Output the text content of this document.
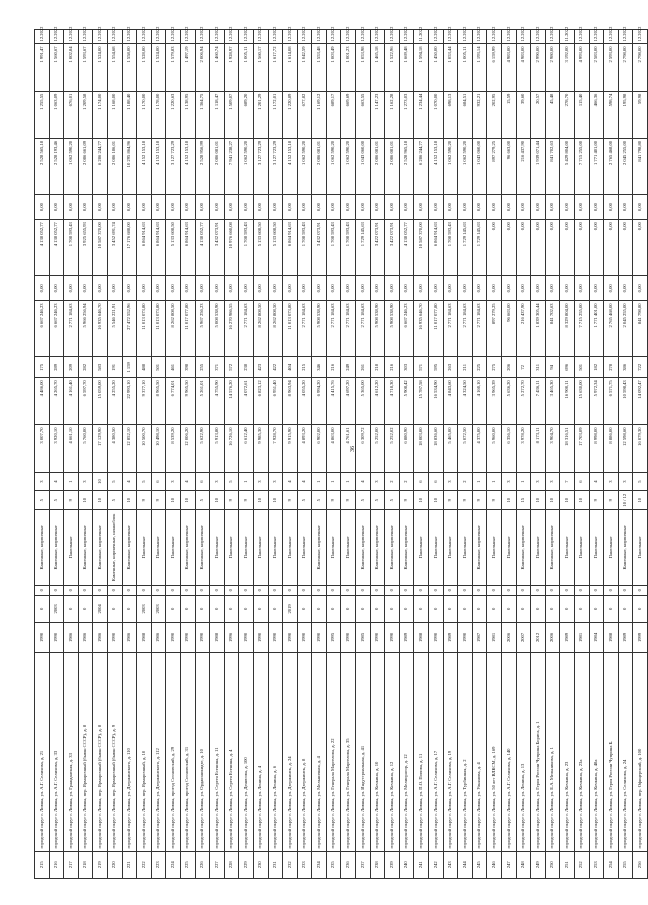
36
215	городской округ г. Ливны, ул. А.Г. Селихова, д. 21	1990	0	0	Каменные, кирпичные	5	3	3 007,70	4 486,00	175	6 667 246,23	0,00	4 138 052,77	0,00	2 528 565,18	1 255,55	1 991,47	12.2022
216	городской округ г. Ливны, ул. А.Г. Селихова, д. 33	1990	2003	0	Каменные, кирпичные	5	4	3 920,10	4 265,70	289	6 667 246,23	0,00	4 138 052,77	0,00	2 528 193,46	1 063,09	1 560,67	12.2022
217	городской округ г. Ливны, ул. Гражданская, д. 33	1986	0	0	Панельные	9	1	4 661,10	4 161,40	209	2 771 184,63	0,00	1 708 593,43	0,00	1 062 590,20	676,01	1 002,84	12.2022
218	городской округ г. Ливны, пер. Ярмарочный (бывш СССР), д. 8	1986	0	0	Каменные, кирпичные	10	3	5 760,00	6 597,70	282	5 966 256,94	0,00	3 925 655,93	0,00	2 086 661,09	1 209,58	1 593,67	12.2022
219	городской округ г. Ливны, пер. Ярмарочный (бывш СССР), д. 8	1986	2004	0	Каменные, кирпичные	10	10	17 129,90	15 059,00	583	16 935 646,70	0,00	10 587 370,00	0,00	6 286 244,77	1 174,00	1 524,00	12.2022
220	городской округ г. Ливны, пер. Ярмарочный (бывш СССР), д. 9	1990	0	0	Каменные, кирпичные, шлакоблок	5	5	4 380,50	4 255,20	191	5 546 221,91	0,00	3 452 691,74	0,00	2 086 186,01	1 168,00	1 554,68	12.2022
221	городской округ г. Ливны, ул. Дзержинского, д. 110	1986	0	0	Каменные, кирпичные	10	4	12 852,10	22 993,10	1 159	27 472 552,96	0,00	17 176 688,00	0,00	10 295 864,96	1 188,40	1 558,00	12.2022
222	городской округ г. Ливны, пер. Ярмарочный, д. 10	1988	2003	0	Панельные	9	5	10 500,70	9 377,10	488	11 013 073,80	0,00	6 864 914,63	0,00	4 152 153,18	1 170,00	1 528,00	12.2022
223	городской округ г. Ливны, ул. Дзержинского, д. 112	1986	2003	0	Панельные	9	6	10 498,10	8 965,50	501	11 013 073,80	0,00	6 864 914,63	0,00	4 152 153,18	1 178,00	1 524,00	12.2022
224	городской округ г. Ливны, проезд Сосновский, д. 29	1990	0	0	Панельные	10	3	8 539,20	6 774,01	461	8 262 808,50	0,00	5 133 608,50	0,00	3 127 723,29	1 220,63	1 579,83	12.2022
225	городской округ г. Ливны, проезд Сосновский, д. 31	1990	0	0	Каменные, кирпичные	10	4	12 006,20	9 965,50	398	11 017 077,80	0,00	6 864 914,63	0,00	4 152 153,18	1 138,95	1 497,19	12.2022
226	городской округ г. Ливны, ул. Орджоникидзе, д. 10	1990	0	0	Каменные, кирпичные	5	6	5 622,90	5 261,01	255	5 967 256,23	0,00	4 138 052,77	0,00	2 528 956,99	1 364,75	2 006,94	12.2022
227	городской округ г. Ливны, ул. Сергея Есенина, д. 11	1988	0	0	Панельные	10	3	5 913,80	4 755,90	371	5 008 538,90	0,00	3 432 073,91	0,00	2 086 081,01	1 118,47	1 460,74	12.2022
228	городской округ г. Ливны, ул. Сергея Есенина, д. 4	1996	0	0	Панельные	9	5	16 726,10	14 576,20	572	16 270 986,55	0,00	10 976 660,08	0,00	7 941 238,27	1 509,07	1 928,97	12.2022
229	городской округ г. Ливны, ул. Денисова, д. 100	1990	0	0	Панельные	9	1	6 612,40	4 072,61	238	2 771 184,63	0,00	1 708 593,43	0,00	1 062 590,20	689,20	1 005,11	12.2022
230	городской округ г. Ливны, ул. Ленина, д. 4	1990	0	0	Панельные	10	3	9 985,30	6 823,12	423	8 262 808,50	0,00	5 133 608,50	0,00	3 127 723,29	1 201,29	1 560,17	12.2022
231	городской округ г. Ливны, ул. Ленина, д. 6	1990	0	0	Панельные	10	3	7 928,70	6 951,40	422	8 262 808,50	0,00	5 133 608,50	0,00	3 127 723,29	1 172,01	1 617,72	12.2022
232	городской округ г. Ливны, ул. Дзержинск, д. 24	1990	2019	0	Панельные	9	4	9 915,90	8 963,94	404	11 013 073,80	0,00	6 864 914,63	0,00	4 152 153,18	1 220,89	1 614,08	12.2022
233	городской округ г. Ливны, ул. Дзержинск, д. 8	1990	0	0	Панельные	5	4	4 893,20	4 055,20	215	2 771 184,63	0,00	1 708 593,43	0,00	1 062 590,20	677,82	1 042,59	12.2022
234	городской округ г. Ливны, ул. Мельничная, д. 4	1990	0	0	Каменные, кирпичные	5	1	6 902,00	6 994,20	346	5 908 538,90	0,00	3 432 073,91	0,00	2 086 081,01	1 169,12	1 553,48	12.2022
235	городской округ г. Ливны, ул. Генерала Маргелова, д. 22	1995	0	0	Панельные	9	1	4 863,00	4 415,76	216	2 771 184,63	0,00	1 708 593,43	0,00	1 062 590,20	689,17	1 003,49	12.2022
236	городской округ г. Ливны, ул. Генерала Маргелова, д. 35	1990	0	0	Панельные	9	1	4 761,61	4 697,20	249	2 771 184,63	0,00	1 708 593,43	0,00	1 062 590,20	669,69	1 001,23	12.2022
237	городской округ г. Ливны, ул. Индустриальная, д. 41	1985	0	0	Каменные, кирпичные	5	4	6 309,72	5 365,00	261	2 771 184,63	0,00	1 729 145,63	0,00	1 043 060,00	663,55	1 053,98	12.2022
238	городской округ г. Ливны, ул. Кочкина, д. 10	1990	0	0	Каменные, кирпичные	5	3	5 252,00	4 612,20	218	5 908 538,90	0,00	3 422 073,91	0,00	2 086 081,01	1 147,23	1 465,18	12.2022
239	городской округ г. Ливны, ул. Кочкина, д. 12	1990	0	0	Каменные, кирпичные	5	2	5 252,02	4 718,30	216	5 908 538,90	0,00	3 422 073,91	0,00	2 086 081,01	1 162,28	1 522,96	12.2022
240	городской округ г. Ливны, ул. Мелиоратор, д. 12	1989	0	0	Каменные, кирпичные	9	2	6 880,90	5 908,42	303	6 667 246,23	0,00	4 138 052,77	0,00	2 528 965,18	1 273,03	1 669,48	12.2022
241	городской округ г. Ливны, ул. П.О. Попова, д. 11	1988	0	0	Панельные	10	6	18 003,00	15 787,58	571	16 935 646,70	0,00	10 587 370,00	0,00	6 286 244,77	1 234,44	1 594,18	11.2022
242	городской округ г. Ливны, ул. А.Г. Селихова, д. 17	1990	0	0	Панельные	10	6	18 836,60	16 534,90	595	11 017 077,80	0,00	6 864 914,63	0,00	4 152 153,18	1 070,00	1 450,00	12.2022
243	городской округ г. Ливны, ул. А.Г. Селихова, д. 19	1989	0	0	Панельные	9	3	5 465,00	4 843,60	263	2 771 184,63	0,00	1 708 593,43	0,00	1 062 590,20	698,13	1 053,44	12.2022
244	городской округ г. Ливны, ул. Турбинная, д. 2	1990	0	0	Панельные	9	2	5 072,50	4 324,50	211	2 771 184,63	0,00	1 729 145,63	0,00	1 062 590,20	684,51	1 005,11	12.2022
245	городской округ г. Ливны, ул. Ульянова, д. 4	1987	0	0	Каменные, кирпичные	9	1	4 375,00	4 160,10	225	2 771 184,63	0,00	1 729 145,63	0,00	1 043 060,00	932,21	1 193,14	12.2022
246	городской округ г. Ливны, ул. 50 лет ВЛКСМ, д. 169	1981	0	0	Панельные	9	1	5 960,00	3 965,39	275	897 279,25	0,00	0,00	0,00	897 279,25	202,95	6 159,99	12.2022
247	городской округ г. Ливны, ул. А.Г. Селихова, д. 140	2006	0	0	Панельные	10	3	6 356,10	5 636,20	206	96 663,00	0,00	0,00	0,00	96 663,00	15,59	4 983,00	12.2022
248	городской округ г. Ливны, ул. Ленина, д. 13	2007	0	0	Каменные, кирпичные	15	1	3 978,20	5 272,70	72	216 437,90	0,00	0,00	0,00	216 437,90	39,60	4 983,00	12.2022
249	городской округ г. Ливны, ул. Героя России Чуприна Бориса, д. 1	2012	0	0	Панельные	10	3	8 173,11	7 436,11	311	1 839 305,44	0,00	0,00	0,00	1 939 071,44	20,57	2 990,00	12.2022
250	городской округ г. Ливны, ул. Е.А. Мельникова, д. 1	2006	0	0	Каменные, кирпичные	10	3	3 904,70	3 465,30	94	841 702,63	0,00	0,00	0,00	841 702,63	45,48	2 980,00	12.2022
251	городской округ г. Ливны, ул. Кочкина, д. 23	1989	0	0	Панельные	10	7	18 316,51	16 900,11	696	8 329 804,00	0,00	0,00	0,00	5 429 804,00	278,70	3 192,00	11.2022
252	городской округ г. Ливны, ул. Кочкина, д. 23а	1981	0	0	Панельные	10	6	17 703,09	15 630,00	501	7 715 255,00	0,00	0,00	0,00	7 715 255,00	115,40	4 993,00	12.2022
253	городской округ г. Ливны, ул. Кочкина, д. 48а	1984	0	0	Панельные	9	4	8 998,00	5 972,34	182	1 771 401,00	0,00	0,00	0,00	1 771 401,00	466,36	2 583,00	12.2022
254	городской округ г. Ливны, ул. Героя России Чуприна Б.	1988	0	0	Панельные	9	3	8 886,00	6 571,75	278	2 765 468,00	0,00	0,00	0,00	2 765 468,00	598,74	2 593,00	12.2022
255	городской округ г. Ливны, ул. Селихова, д. 24	1989	0	0	Каменные, кирпичные	10 / 12	3	12 598,60	10 598,43	386	2 045 255,00	0,00	0,00	0,00	2 045 255,00	195,98	2 798,00	12.2022
256	городской округ г. Ливны, пер. Офицерский, д. 100	1999	0	0	Панельные	10	5	16 079,30	14 092,47	722	841 798,80	0,00	0,00	0,00	841 798,80	59,98	2 798,00	12.2022
